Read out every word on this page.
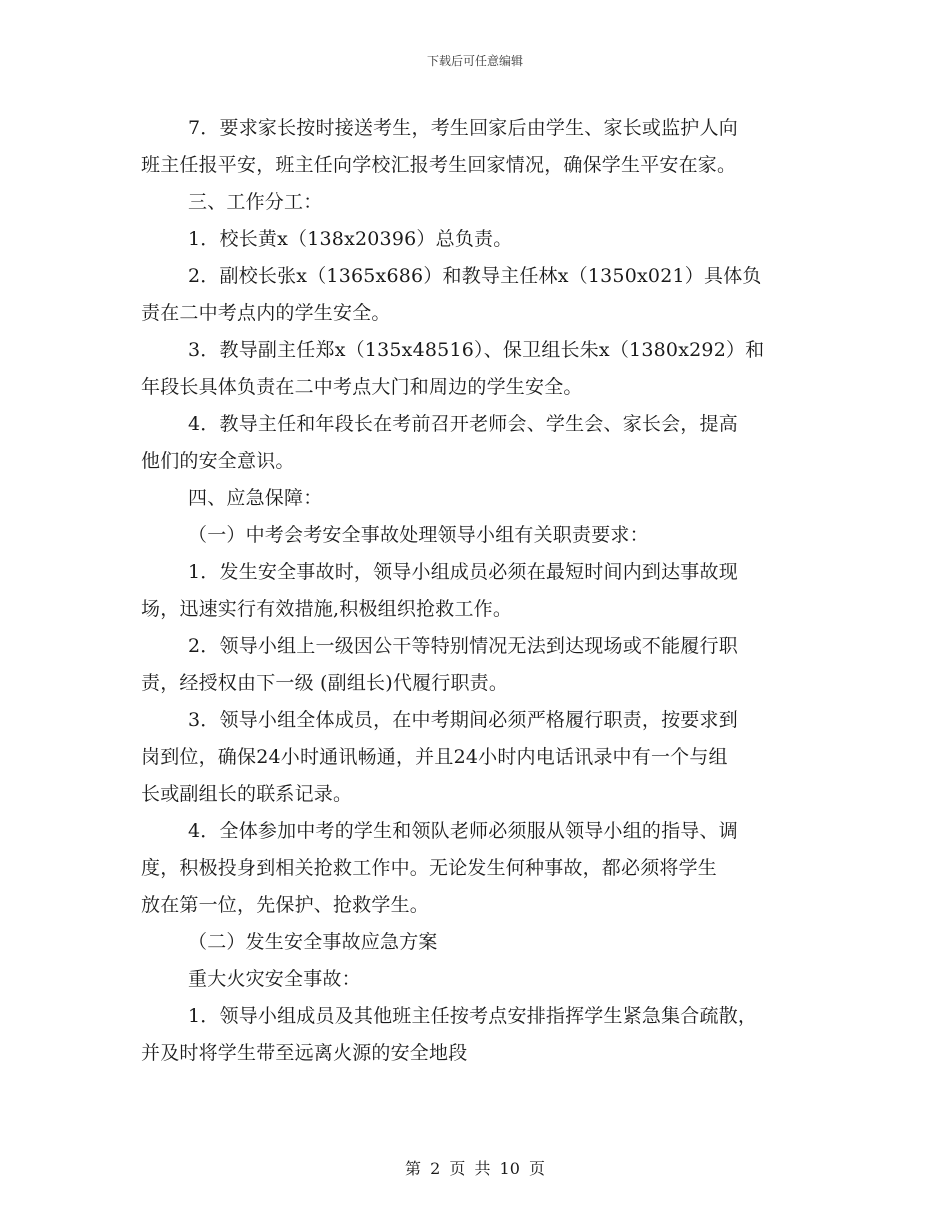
下载后可任意编辑
7．要求家长按时接送考生，考生回家后由学生、家长或监护人向
班主任报平安，班主任向学校汇报考生回家情况，确保学生平安在家。
三、工作分工：
1．校长黄x（138x20396）总负责。
2．副校长张x（1365x686）和教导主任林x（1350x021）具体负
责在二中考点内的学生安全。
3．教导副主任郑x（135x48516）、保卫组长朱x（1380x292）和
年段长具体负责在二中考点大门和周边的学生安全。
4．教导主任和年段长在考前召开老师会、学生会、家长会，提高
他们的安全意识。
四、应急保障：
（一）中考会考安全事故处理领导小组有关职责要求：
1．发生安全事故时，领导小组成员必须在最短时间内到达事故现
场，迅速实行有效措施,积极组织抢救工作。
2．领导小组上一级因公干等特别情况无法到达现场或不能履行职
责，经授权由下一级 (副组长)代履行职责。
3．领导小组全体成员，在中考期间必须严格履行职责，按要求到
岗到位，确保24小时通讯畅通，并且24小时内电话讯录中有一个与组
长或副组长的联系记录。
4．全体参加中考的学生和领队老师必须服从领导小组的指导、调
度，积极投身到相关抢救工作中。无论发生何种事故，都必须将学生
放在第一位，先保护、抢救学生。
（二）发生安全事故应急方案
重大火灾安全事故：
1．领导小组成员及其他班主任按考点安排指挥学生紧急集合疏散，
并及时将学生带至远离火源的安全地段
第 2 页 共 10 页
